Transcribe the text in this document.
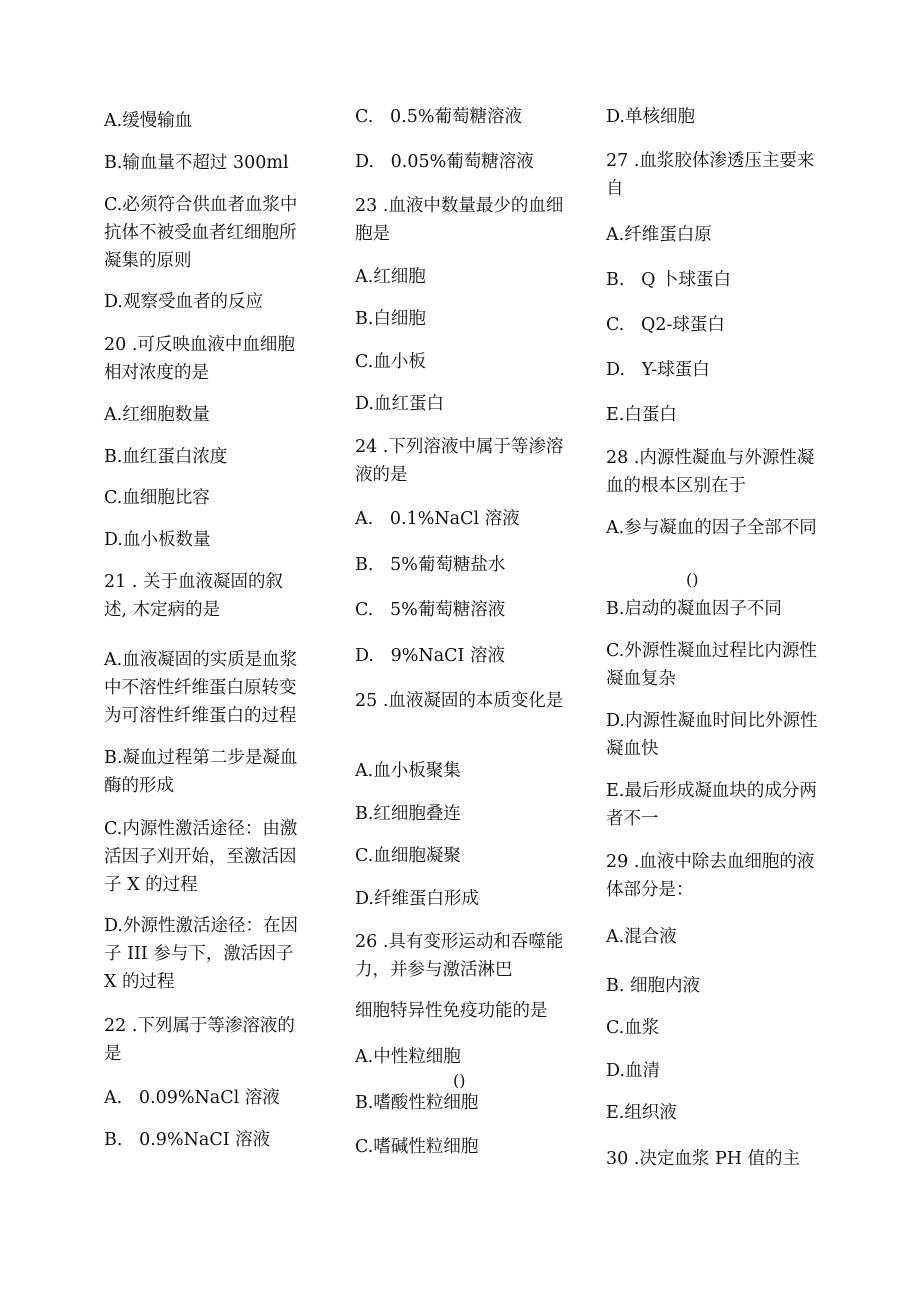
A.缓慢输血
B.输血量不超过 300ml
C.必须符合供血者血浆中抗体不被受血者红细胞所凝集的原则
D.观察受血者的反应
20 .可反映血液中血细胞相对浓度的是
A.红细胞数量
B.血红蛋白浓度
C.血细胞比容
D.血小板数量
21 . 关于血液凝固的叙述, 木定病的是
A.血液凝固的实质是血浆中不溶性纤维蛋白原转变为可溶性纤维蛋白的过程
B.凝血过程第二步是凝血酶的形成
C.内源性激活途径：由激活因子刈开始，至激活因子 X 的过程
D.外源性激活途径：在因子 III 参与下，激活因子 X 的过程
22 .下列属于等渗溶液的是
A.   0.09%NaCl 溶液
B.   0.9%NaCI 溶液
C.   0.5%葡萄糖溶液
D.   0.05%葡萄糖溶液
23 .血液中数量最少的血细胞是
A.红细胞
B.白细胞
C.血小板
D.血红蛋白
24 .下列溶液中属于等渗溶液的是
A.   0.1%NaCl 溶液
B.   5%葡萄糖盐水
C.   5%葡萄糖溶液
D.   9%NaCI 溶液
25 .血液凝固的本质变化是
A.血小板聚集
B.红细胞叠连
C.血细胞凝聚
D.纤维蛋白形成
26 .具有变形运动和吞噬能力，并参与激活淋巴
细胞特异性免疫功能的是
A.中性粒细胞
()
B.嗜酸性粒细胞
C.嗜碱性粒细胞
D.单核细胞
27 .血浆胶体渗透压主要来自
A.纤维蛋白原
B.   Q 卜球蛋白
C.   Q2-球蛋白
D.   Y-球蛋白
E.白蛋白
28 .内源性凝血与外源性凝血的根本区别在于
A.参与凝血的因子全部不同
()
B.启动的凝血因子不同
C.外源性凝血过程比内源性凝血复杂
D.内源性凝血时间比外源性凝血快
E.最后形成凝血块的成分两者不一
29 .血液中除去血细胞的液体部分是：
A.混合液
B. 细胞内液
C.血浆
D.血清
E.组织液
30 .决定血浆 PH 值的主
